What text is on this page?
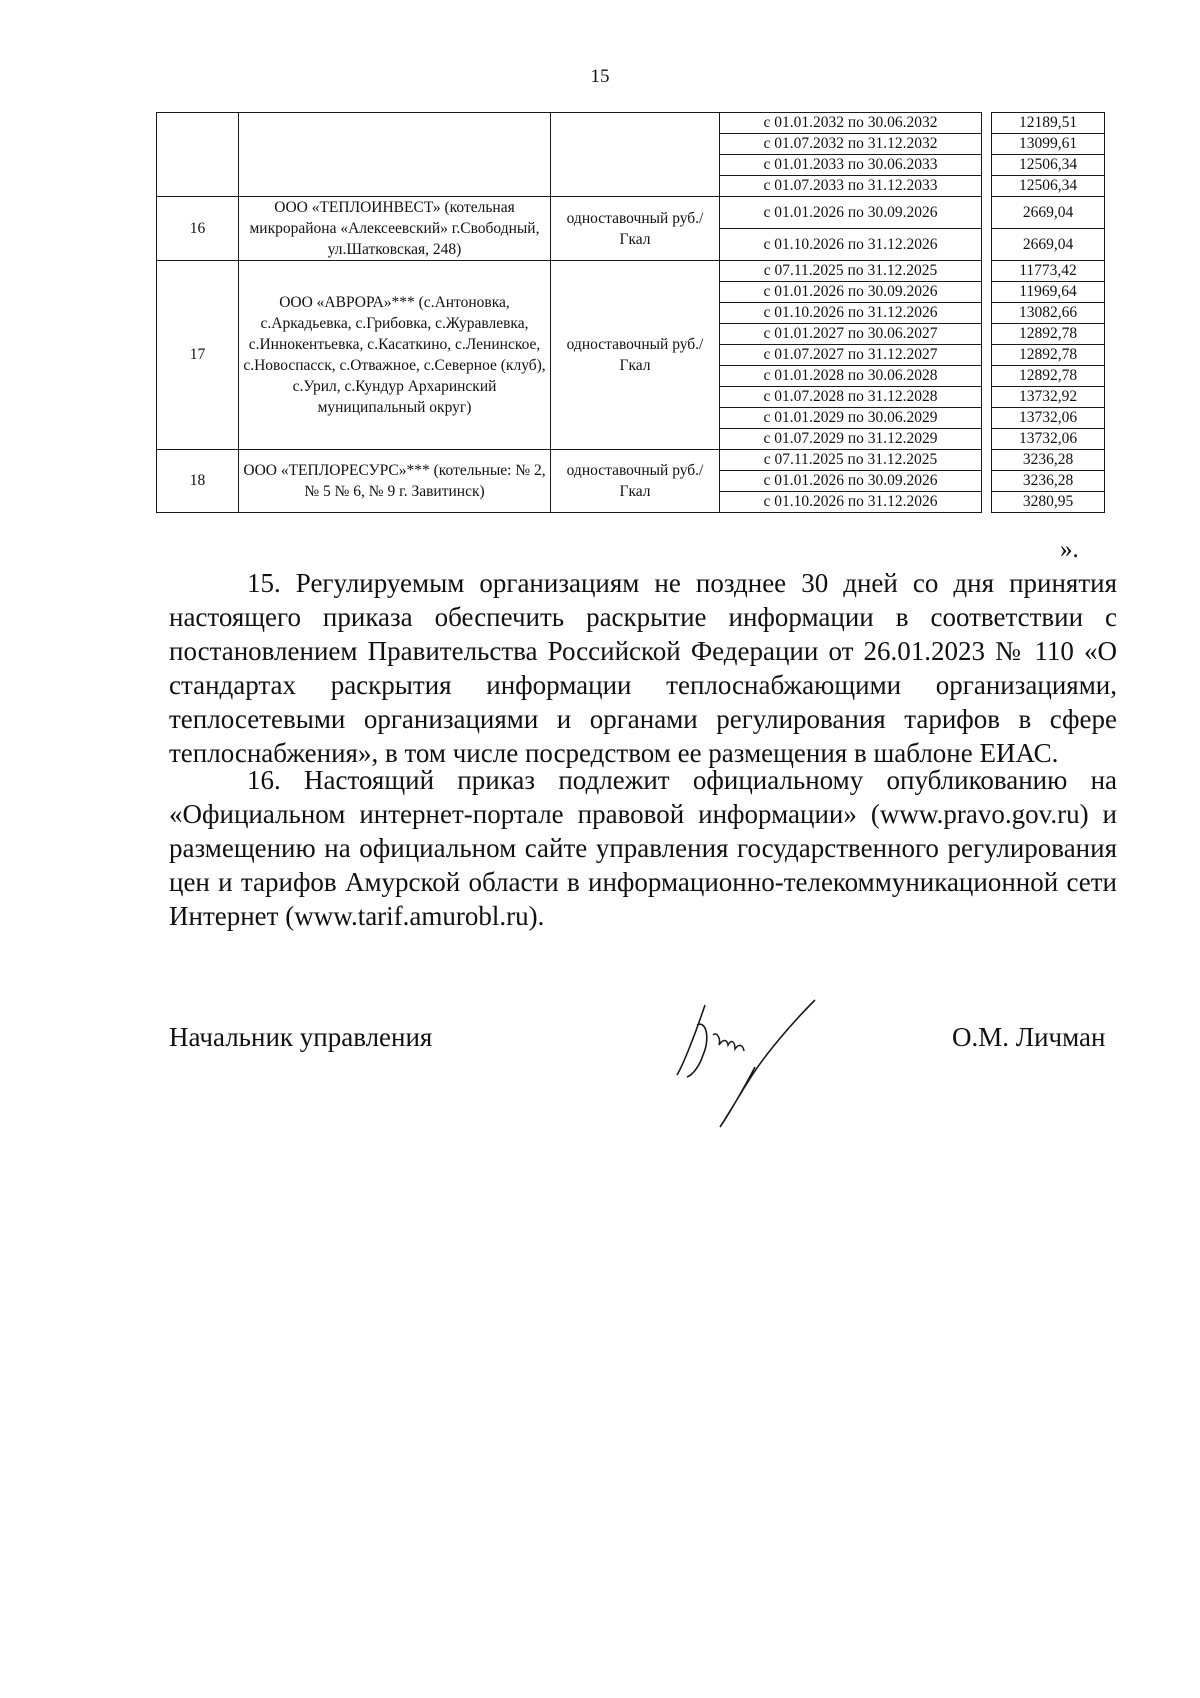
15
			с 01.01.2032 по 30.06.2032		12189,51
			с 01.07.2032 по 31.12.2032		13099,61
			с 01.01.2033 по 30.06.2033		12506,34
			с 01.07.2033 по 31.12.2033		12506,34
16	ООО «ТЕПЛОИНВЕСТ» (котельная микрорайона «Алексеевский» г.Свободный, ул.Шатковская, 248)	одноставочный руб./Гкал	с 01.01.2026 по 30.09.2026		2669,04
			с 01.10.2026 по 31.12.2026		2669,04
17	ООО «АВРОРА»*** (с.Антоновка, с.Аркадьевка, с.Грибовка, с.Журавлевка, с.Иннокентьевка, с.Касаткино, с.Ленинское, с.Новоспасск, с.Отважное, с.Северное (клуб), с.Урил, с.Кундур Архаринский муниципальный округ)	одноставочный руб./Гкал	с 07.11.2025 по 31.12.2025		11773,42
			с 01.01.2026 по 30.09.2026		11969,64
			с 01.10.2026 по 31.12.2026		13082,66
			с 01.01.2027 по 30.06.2027		12892,78
			с 01.07.2027 по 31.12.2027		12892,78
			с 01.01.2028 по 30.06.2028		12892,78
			с 01.07.2028 по 31.12.2028		13732,92
			с 01.01.2029 по 30.06.2029		13732,06
			с 01.07.2029 по 31.12.2029		13732,06
18	ООО «ТЕПЛОРЕСУРС»*** (котельные: № 2, № 5 № 6, № 9 г. Завитинск)	одноставочный руб./Гкал	с 07.11.2025 по 31.12.2025		3236,28
			с 01.01.2026 по 30.09.2026		3236,28
			с 01.10.2026 по 31.12.2026		3280,95
».

15. Регулируемым организациям не позднее 30 дней со дня принятия настоящего приказа обеспечить раскрытие информации в соответствии с постановлением Правительства Российской Федерации от 26.01.2023 № 110 «О стандартах раскрытия информации теплоснабжающими организациями, теплосетевыми организациями и органами регулирования тарифов в сфере теплоснабжения», в том числе посредством ее размещения в шаблоне ЕИАС.

16. Настоящий приказ подлежит официальному опубликованию на «Официальном интернет-портале правовой информации» (www.pravo.gov.ru) и размещению на официальном сайте управления государственного регулирования цен и тарифов Амурской области в информационно-телекоммуникационной сети Интернет (www.tarif.amurobl.ru).

Начальник управления	О.М. Личман
